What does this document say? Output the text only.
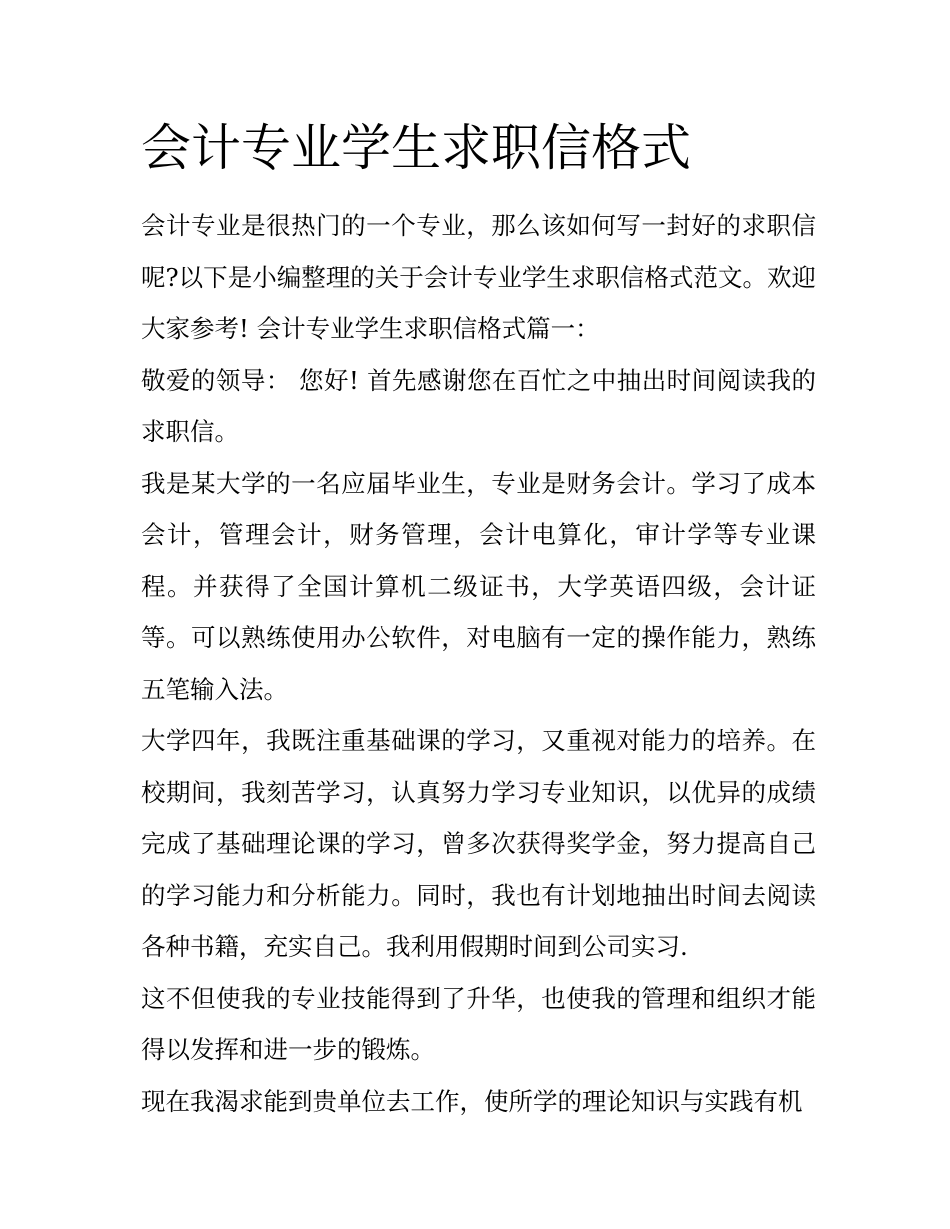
会计专业学生求职信格式

会计专业是很热门的一个专业，那么该如何写一封好的求职信呢?以下是小编整理的关于会计专业学生求职信格式范文。欢迎大家参考! 会计专业学生求职信格式篇一：

敬爱的领导： 您好! 首先感谢您在百忙之中抽出时间阅读我的求职信。

我是某大学的一名应届毕业生，专业是财务会计。学习了成本会计，管理会计，财务管理，会计电算化，审计学等专业课程。并获得了全国计算机二级证书，大学英语四级，会计证等。可以熟练使用办公软件，对电脑有一定的操作能力，熟练五笔输入法。

大学四年，我既注重基础课的学习，又重视对能力的培养。在校期间，我刻苦学习，认真努力学习专业知识，以优异的成绩完成了基础理论课的学习，曾多次获得奖学金，努力提高自己的学习能力和分析能力。同时，我也有计划地抽出时间去阅读各种书籍，充实自己。我利用假期时间到公司实习.

这不但使我的专业技能得到了升华，也使我的管理和组织才能得以发挥和进一步的锻炼。

现在我渴求能到贵单位去工作，使所学的理论知识与实践有机
